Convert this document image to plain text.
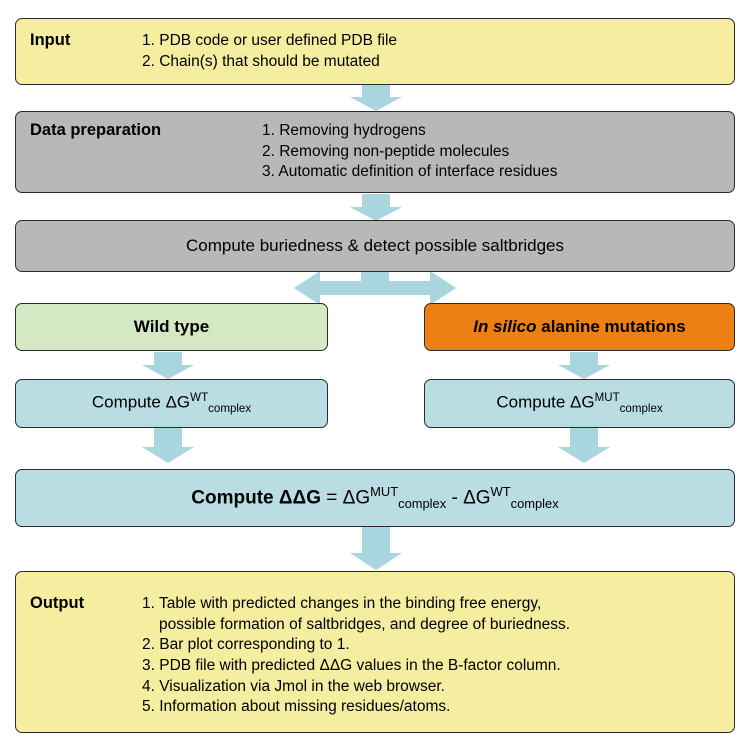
Input	1. PDB code or user defined PDB file
2. Chain(s) that should be mutated
Data preparation	1. Removing hydrogens
2. Removing non-peptide molecules
3. Automatic definition of interface residues
Compute buriedness & detect possible saltbridges
Wild type	In silico alanine mutations
Compute $\Delta G^{WT}_{complex}$	Compute $\Delta G^{MUT}_{complex}$
Compute $\Delta\Delta G = \Delta G^{MUT}_{complex} - \Delta G^{WT}_{complex}$
Output	1. Table with predicted changes in the binding free energy,
possible formation of saltbridges, and degree of buriedness.
2. Bar plot corresponding to 1.
3. PDB file with predicted ΔΔG values in the B-factor column.
4. Visualization via Jmol in the web browser.
5. Information about missing residues/atoms.
